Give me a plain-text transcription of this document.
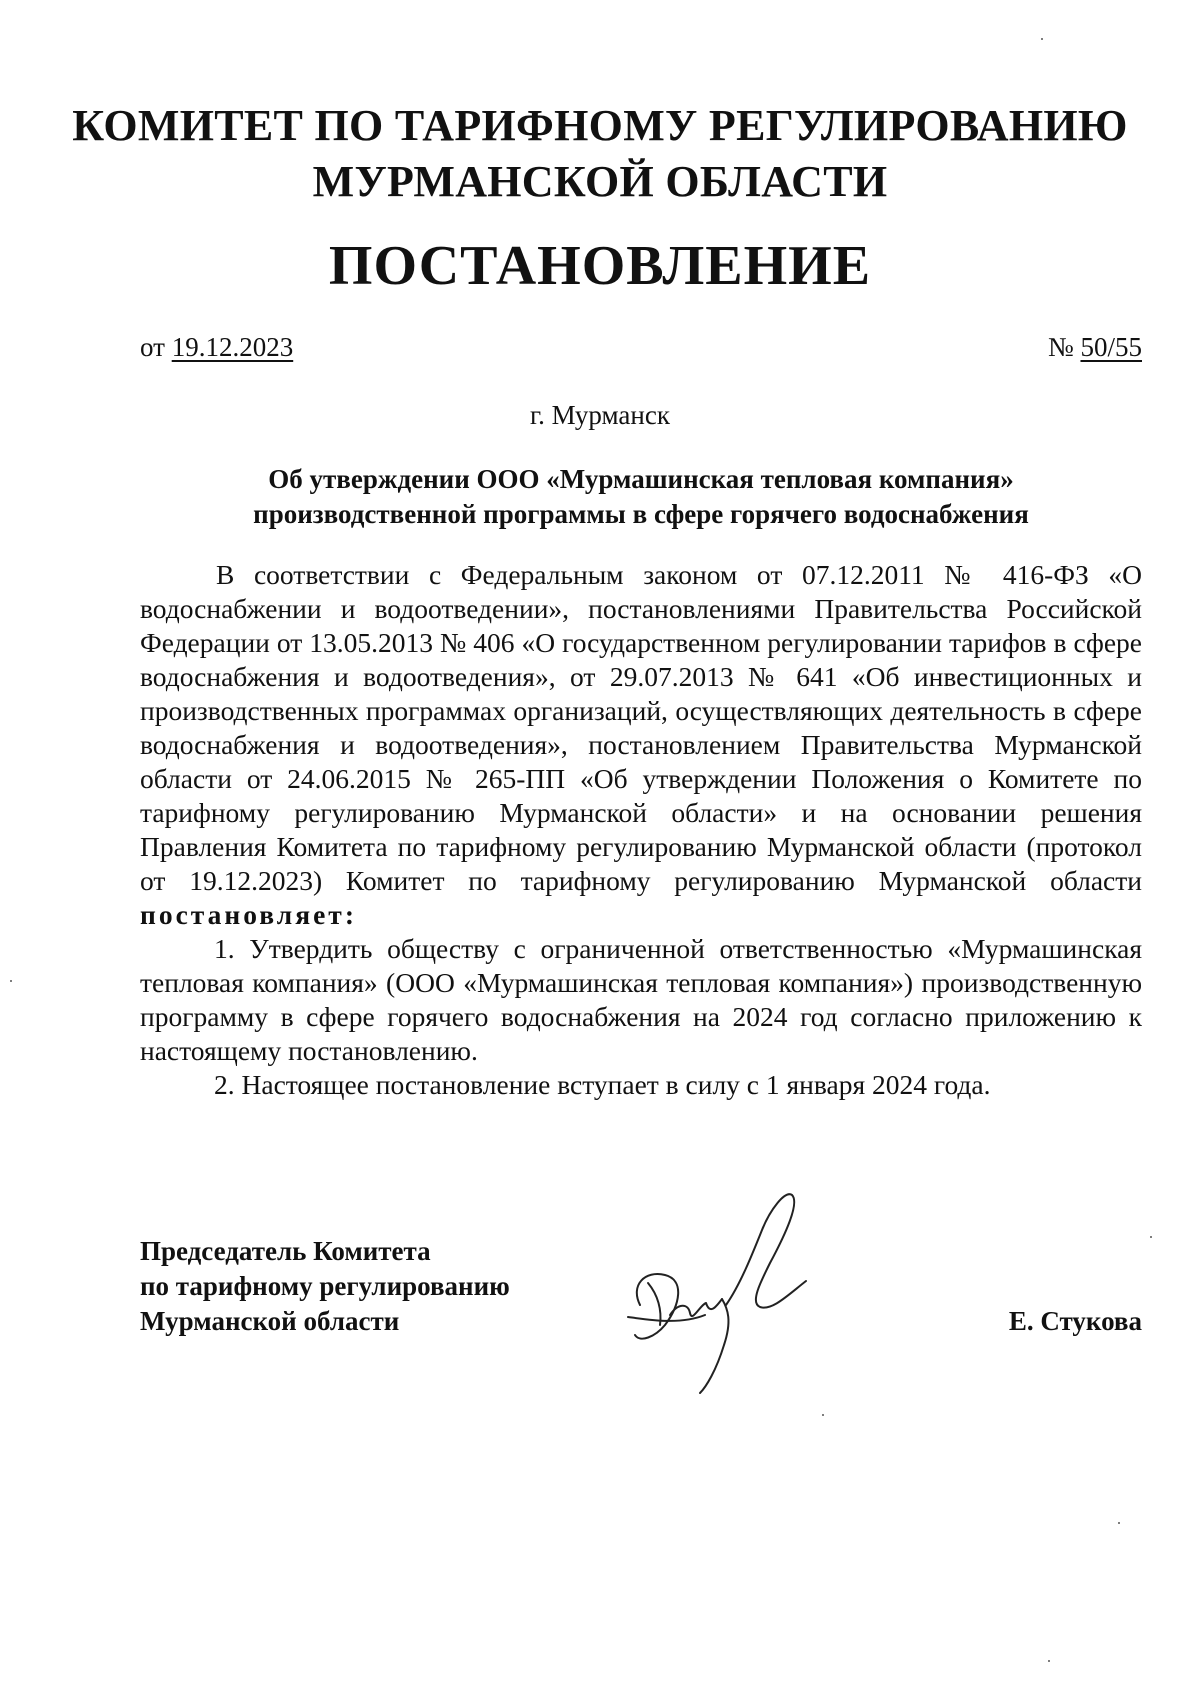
КОМИТЕТ ПО ТАРИФНОМУ РЕГУЛИРОВАНИЮ
МУРМАНСКОЙ ОБЛАСТИ
ПОСТАНОВЛЕНИЕ
от 19.12.2023	№ 50/55
г. Мурманск
Об утверждении ООО «Мурмашинская тепловая компания»
производственной программы в сфере горячего водоснабжения

В соответствии с Федеральным законом от 07.12.2011 № 416-ФЗ «О водоснабжении и водоотведении», постановлениями Правительства Российской Федерации от 13.05.2013 № 406 «О государственном регулировании тарифов в сфере водоснабжения и водоотведения», от 29.07.2013 № 641 «Об инвестиционных и производственных программах организаций, осуществляющих деятельность в сфере водоснабжения и водоотведения», постановлением Правительства Мурманской области от 24.06.2015 № 265-ПП «Об утверждении Положения о Комитете по тарифному регулированию Мурманской области» и на основании решения Правления Комитета по тарифному регулированию Мурманской области (протокол от 19.12.2023) Комитет по тарифному регулированию Мурманской области постановляет:

1. Утвердить обществу с ограниченной ответственностью «Мурмашинская тепловая компания» (ООО «Мурмашинская тепловая компания») производственную программу в сфере горячего водоснабжения на 2024 год согласно приложению к настоящему постановлению.

2. Настоящее постановление вступает в силу с 1 января 2024 года.

Председатель Комитета
по тарифному регулированию
Мурманской области	Е. Стукова
